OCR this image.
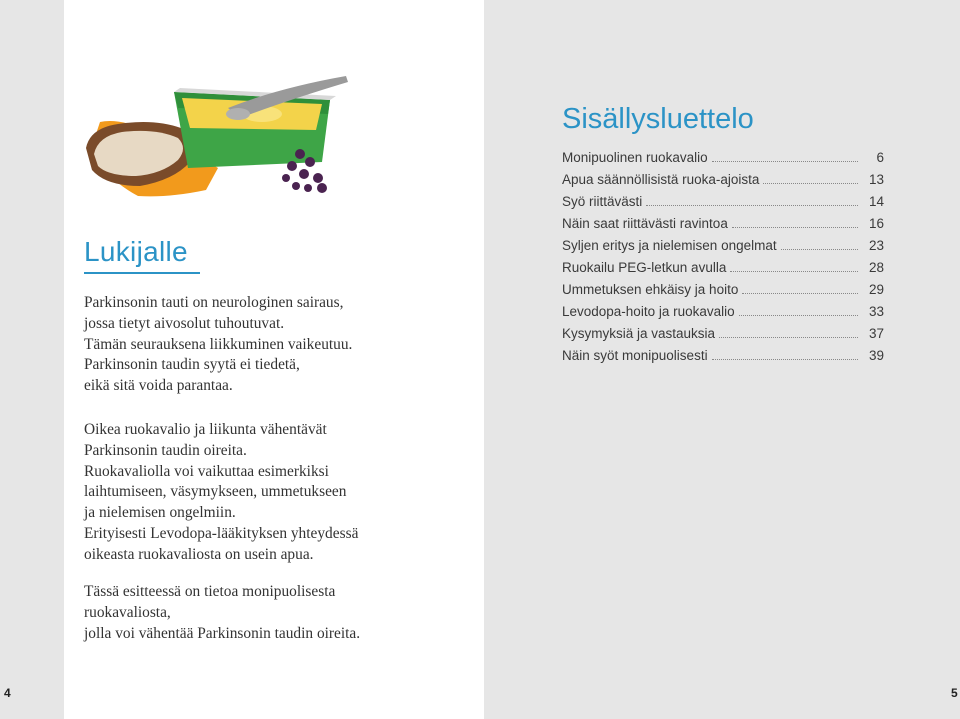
Lukijalle

Parkinsonin tauti on neurologinen sairaus,
jossa tietyt aivosolut tuhoutuvat.
Tämän seurauksena liikkuminen vaikeutuu.
Parkinsonin taudin syytä ei tiedetä,
eikä sitä voida parantaa.

Oikea ruokavalio ja liikunta vähentävät
Parkinsonin taudin oireita.
Ruokavaliolla voi vaikuttaa esimerkiksi
laihtumiseen, väsymykseen, ummetukseen
ja nielemisen ongelmiin.
Erityisesti Levodopa-lääkityksen yhteydessä
oikeasta ruokavaliosta on usein apua.

Tässä esitteessä on tietoa monipuolisesta
ruokavaliosta,
jolla voi vähentää Parkinsonin taudin oireita.

Sisällysluettelo
Monipuolinen ruokavalio	6
Apua säännöllisistä ruoka-ajoista	13
Syö riittävästi	14
Näin saat riittävästi ravintoa	16
Syljen eritys ja nielemisen ongelmat	23
Ruokailu PEG-letkun avulla	28
Ummetuksen ehkäisy ja hoito	29
Levodopa-hoito ja ruokavalio	33
Kysymyksiä ja vastauksia	37
Näin syöt monipuolisesti	39
4	5
